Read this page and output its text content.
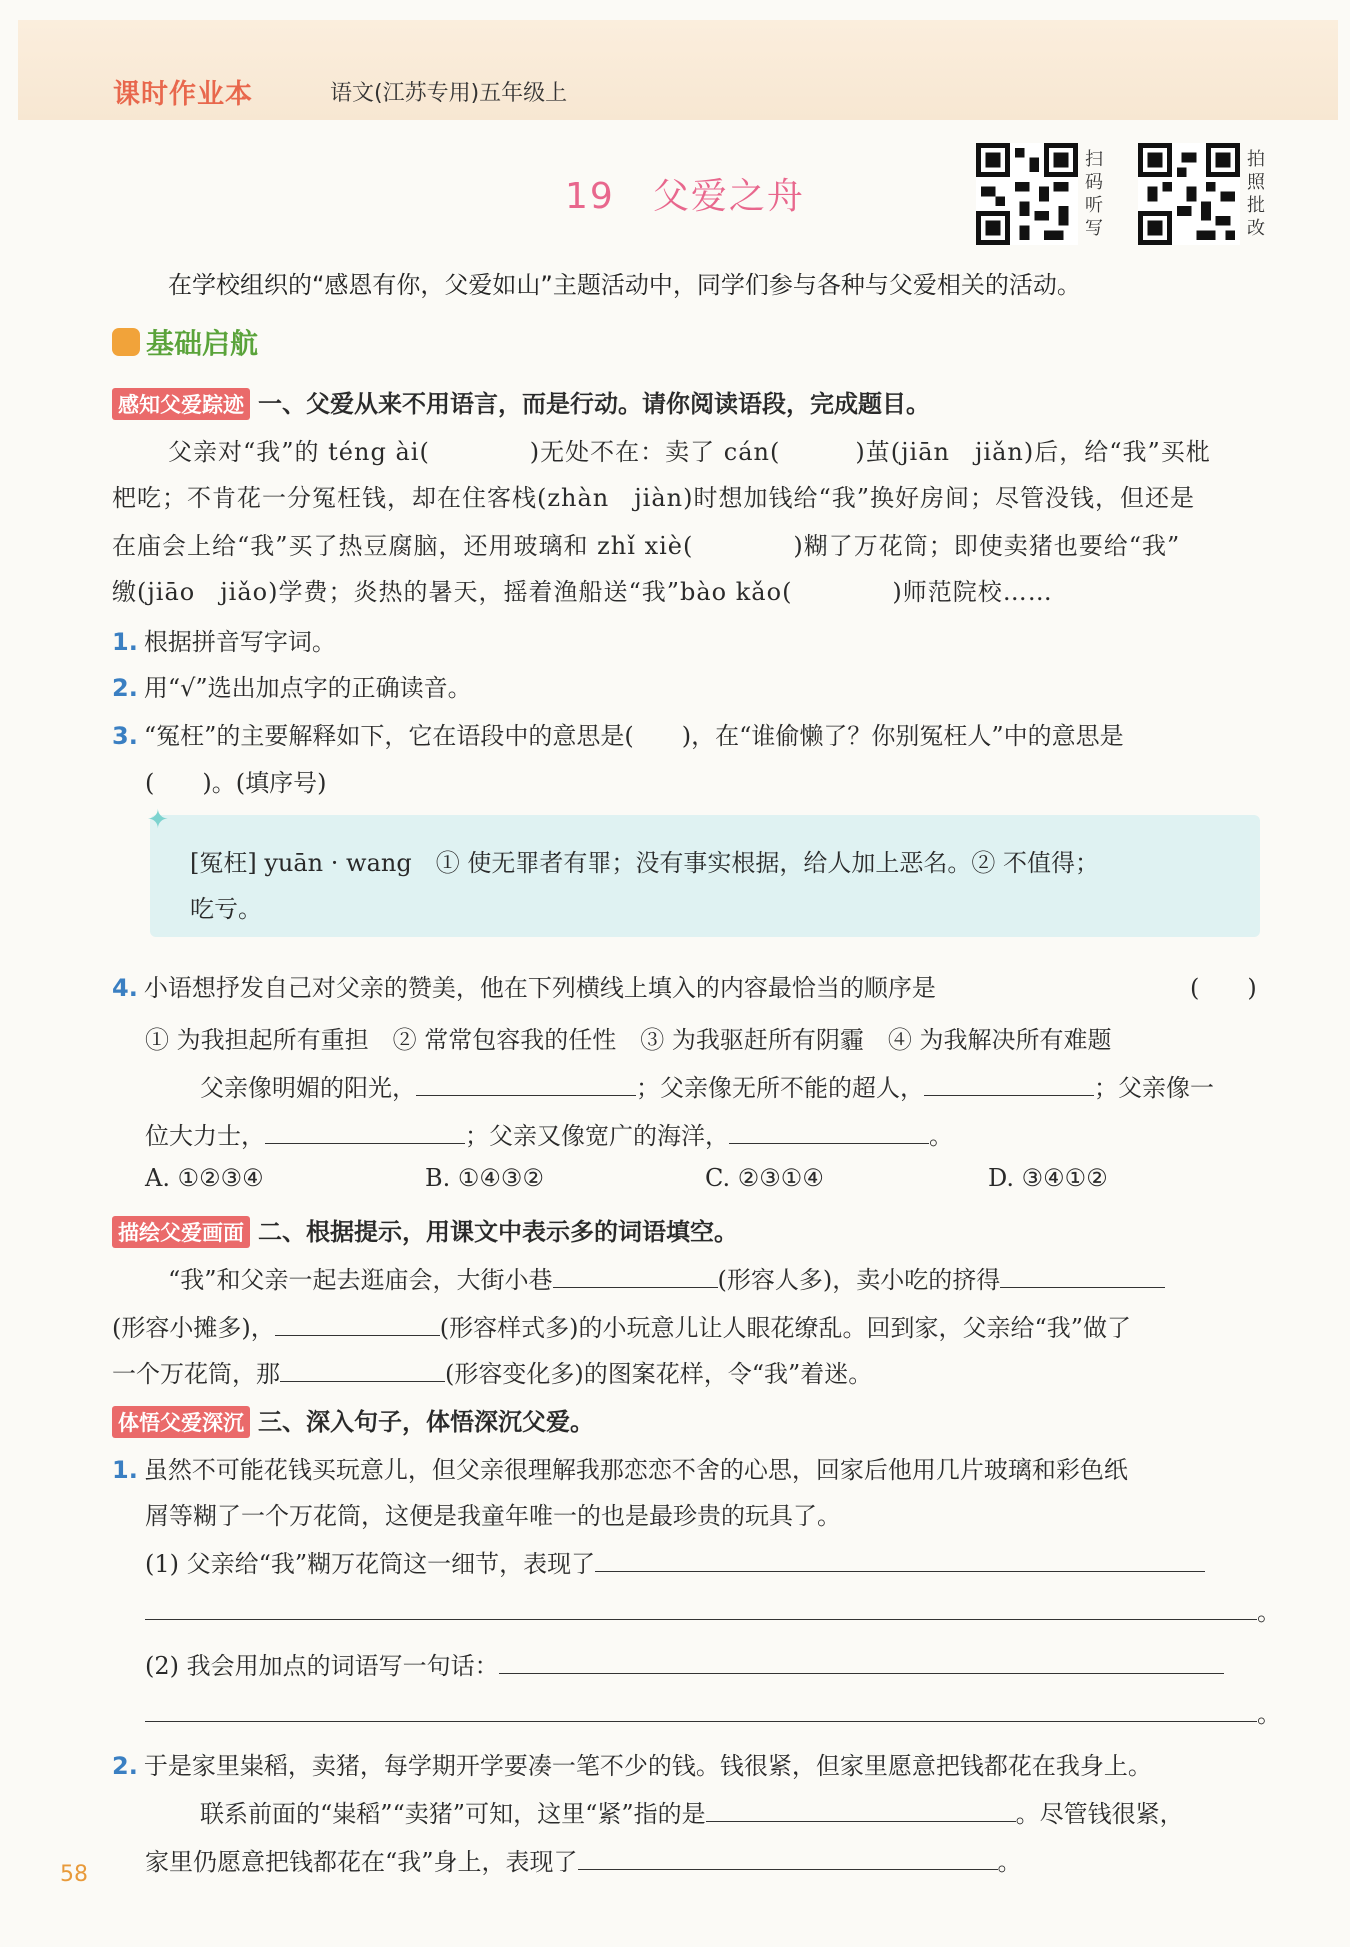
课时作业本	语文(江苏专用)五年级上
19 父爱之舟
扫码听写
拍照批改
在学校组织的“感恩有你，父爱如山”主题活动中，同学们参与各种与父爱相关的活动。
基础启航
感知父爱踪迹 一、父爱从来不用语言，而是行动。请你阅读语段，完成题目。
父亲对“我”的 téng ài(　　　　)无处不在：卖了 cán(　　　)茧(jiān　jiǎn)后，给“我”买枇
杷吃；不肯花一分冤枉钱，却在住客栈(zhàn　jiàn)时想加钱给“我”换好房间；尽管没钱，但还是
在庙会上给“我”买了热豆腐脑，还用玻璃和 zhǐ xiè(　　　　)糊了万花筒；即使卖猪也要给“我”
缴(jiāo　jiǎo)学费；炎热的暑天，摇着渔船送“我”bào kǎo(　　　　)师范院校……
1. 根据拼音写字词。
2. 用“√”选出加点字的正确读音。
3. “冤枉”的主要解释如下，它在语段中的意思是(　　)，在“谁偷懒了？你别冤枉人”中的意思是
(　　)。(填序号)
✦
[冤枉] yuān · wang　① 使无罪者有罪；没有事实根据，给人加上恶名。② 不值得；
吃亏。
4. 小语想抒发自己对父亲的赞美，他在下列横线上填入的内容最恰当的顺序是	(　　)
① 为我担起所有重担　② 常常包容我的任性　③ 为我驱赶所有阴霾　④ 为我解决所有难题
父亲像明媚的阳光，	；父亲像无所不能的超人，	；父亲像一
位大力士，	；父亲又像宽广的海洋，	。
A. ①②③④	B. ①④③②	C. ②③①④	D. ③④①②
描绘父爱画面 二、根据提示，用课文中表示多的词语填空。
“我”和父亲一起去逛庙会，大街小巷	(形容人多)，卖小吃的挤得
(形容小摊多)，	(形容样式多)的小玩意儿让人眼花缭乱。回到家，父亲给“我”做了
一个万花筒，那	(形容变化多)的图案花样，令“我”着迷。
体悟父爱深沉 三、深入句子，体悟深沉父爱。
1. 虽然不可能花钱买玩意儿，但父亲很理解我那恋恋不舍的心思，回家后他用几片玻璃和彩色纸
屑等糊了一个万花筒，这便是我童年唯一的也是最珍贵的玩具了。
(1) 父亲给“我”糊万花筒这一细节，表现了
。
(2) 我会用加点的词语写一句话：
。
2. 于是家里粜稻，卖猪，每学期开学要凑一笔不少的钱。钱很紧，但家里愿意把钱都花在我身上。
联系前面的“粜稻”“卖猪”可知，这里“紧”指的是	。尽管钱很紧，
家里仍愿意把钱都花在“我”身上，表现了	。
58
